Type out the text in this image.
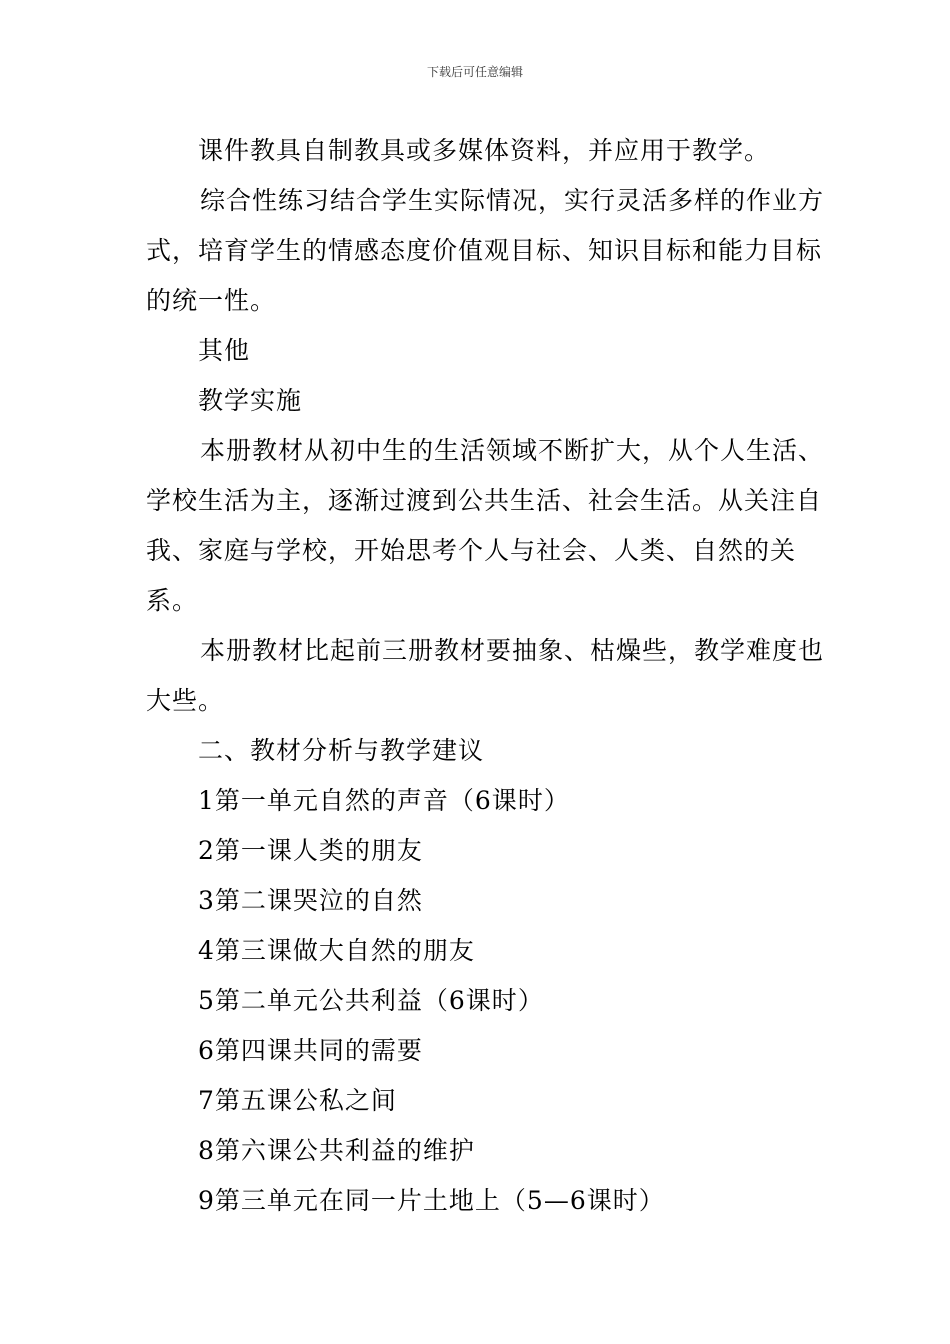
下载后可任意编辑

课件教具自制教具或多媒体资料，并应用于教学。

综合性练习结合学生实际情况，实行灵活多样的作业方式，培育学生的情感态度价值观目标、知识目标和能力目标的统一性。

其他

教学实施

本册教材从初中生的生活领域不断扩大，从个人生活、学校生活为主，逐渐过渡到公共生活、社会生活。从关注自我、家庭与学校，开始思考个人与社会、人类、自然的关系。

本册教材比起前三册教材要抽象、枯燥些，教学难度也大些。

二、教材分析与教学建议

1第一单元自然的声音（6课时）

2第一课人类的朋友

3第二课哭泣的自然

4第三课做大自然的朋友

5第二单元公共利益（6课时）

6第四课共同的需要

7第五课公私之间

8第六课公共利益的维护

9第三单元在同一片土地上（5—6课时）
